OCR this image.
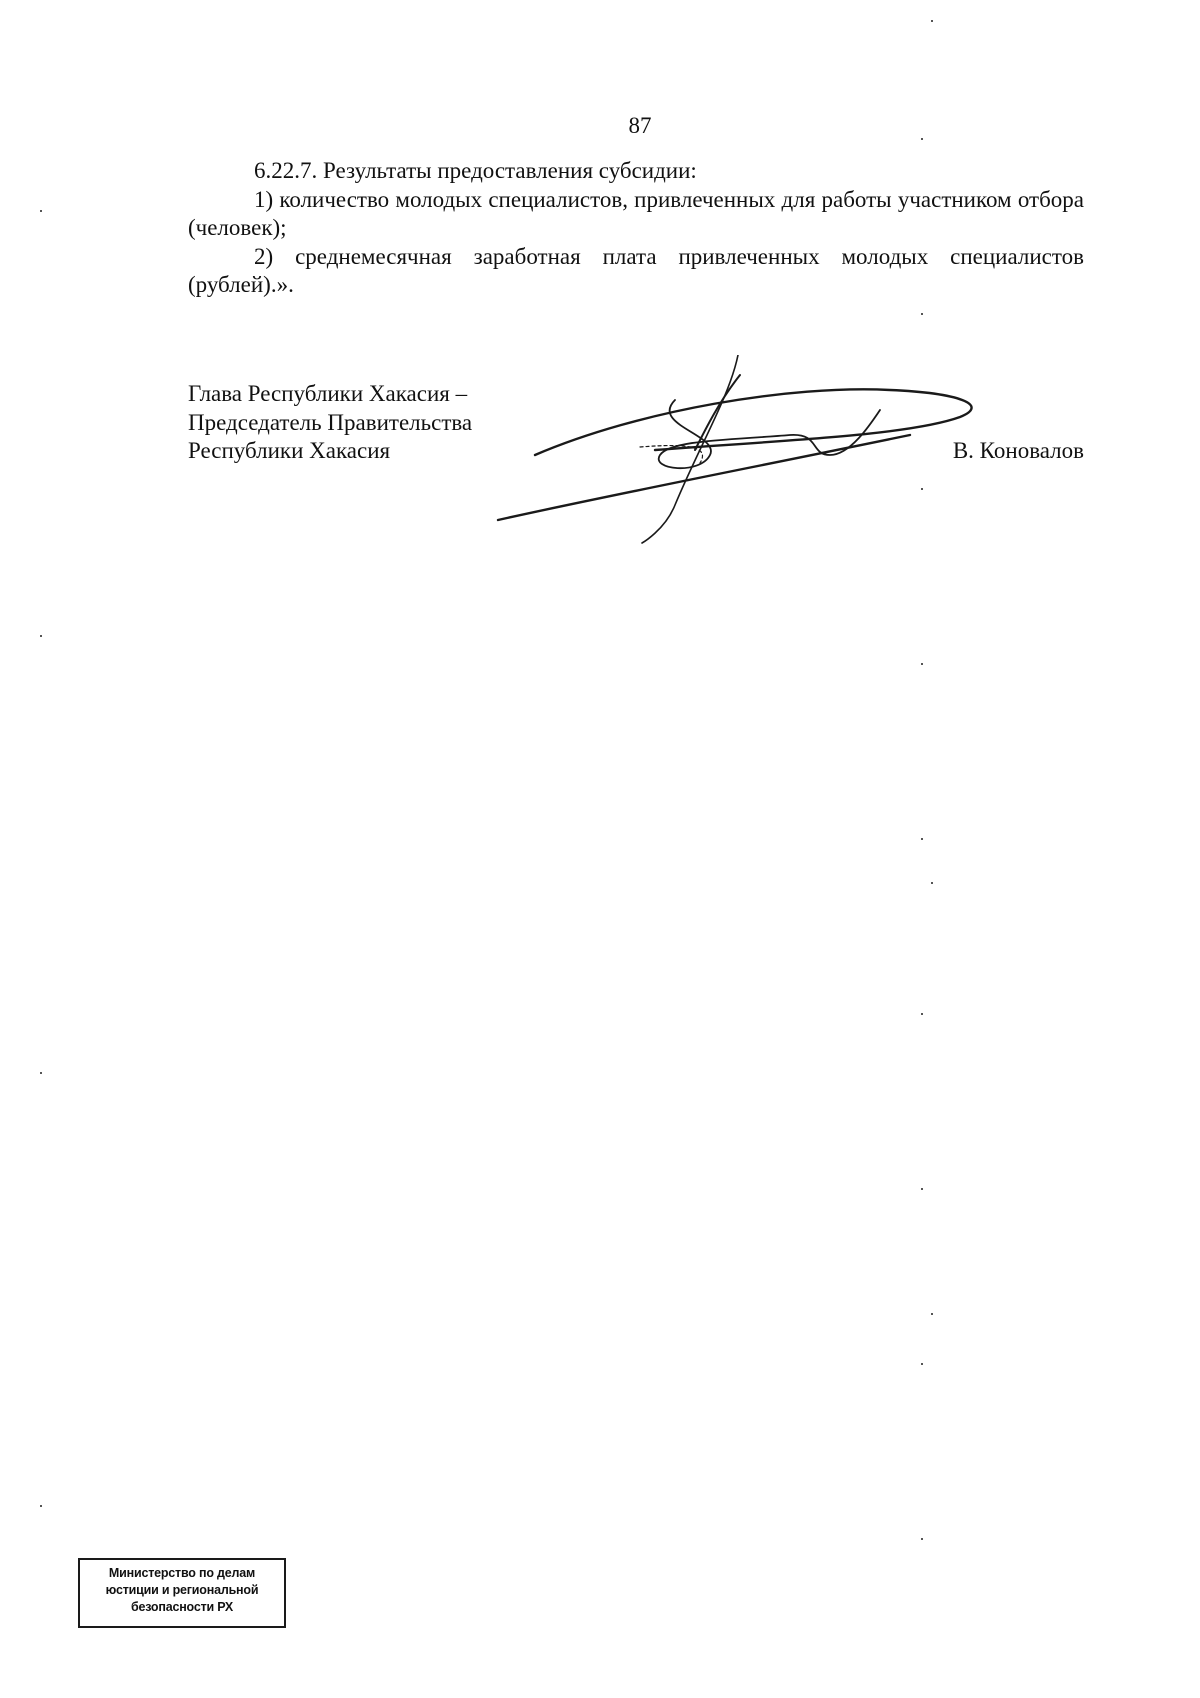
87

6.22.7. Результаты предоставления субсидии:

1) количество молодых специалистов, привлеченных для работы участником отбора (человек);

2) среднемесячная заработная плата привлеченных молодых специалистов (рублей).».

Глава Республики Хакасия –
Председатель Правительства
Республики Хакасия	В. Коновалов
Министерство по делам
юстиции и региональной
безопасности РХ
